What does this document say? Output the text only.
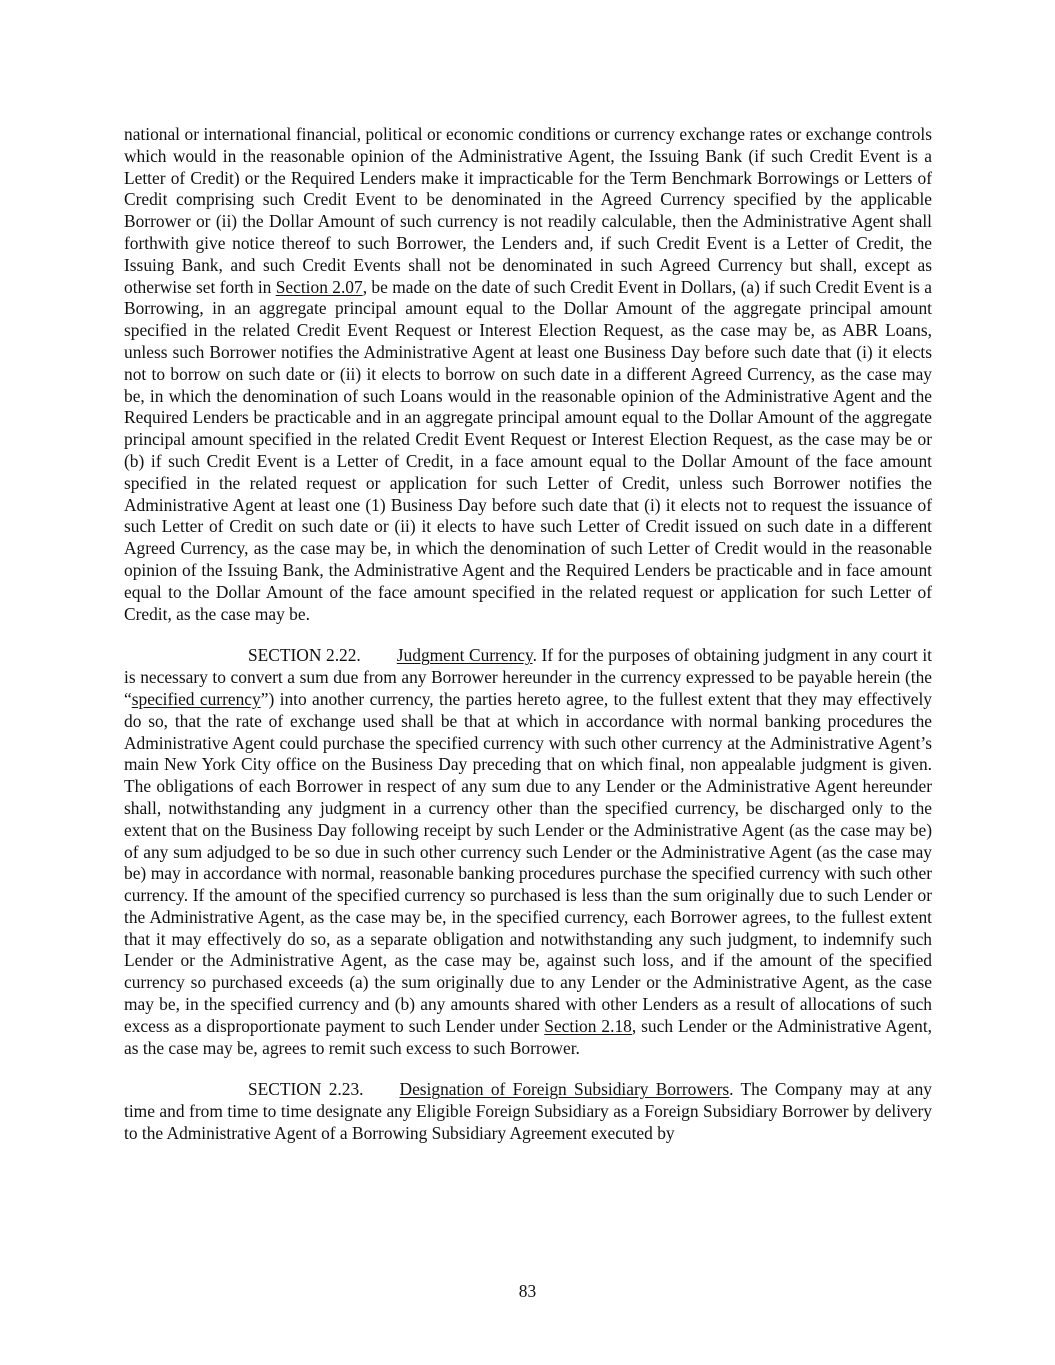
national or international financial, political or economic conditions or currency exchange rates or exchange controls which would in the reasonable opinion of the Administrative Agent, the Issuing Bank (if such Credit Event is a Letter of Credit) or the Required Lenders make it impracticable for the Term Benchmark Borrowings or Letters of Credit comprising such Credit Event to be denominated in the Agreed Currency specified by the applicable Borrower or (ii) the Dollar Amount of such currency is not readily calculable, then the Administrative Agent shall forthwith give notice thereof to such Borrower, the Lenders and, if such Credit Event is a Letter of Credit, the Issuing Bank, and such Credit Events shall not be denominated in such Agreed Currency but shall, except as otherwise set forth in Section 2.07, be made on the date of such Credit Event in Dollars, (a) if such Credit Event is a Borrowing, in an aggregate principal amount equal to the Dollar Amount of the aggregate principal amount specified in the related Credit Event Request or Interest Election Request, as the case may be, as ABR Loans, unless such Borrower notifies the Administrative Agent at least one Business Day before such date that (i) it elects not to borrow on such date or (ii) it elects to borrow on such date in a different Agreed Currency, as the case may be, in which the denomination of such Loans would in the reasonable opinion of the Administrative Agent and the Required Lenders be practicable and in an aggregate principal amount equal to the Dollar Amount of the aggregate principal amount specified in the related Credit Event Request or Interest Election Request, as the case may be or (b) if such Credit Event is a Letter of Credit, in a face amount equal to the Dollar Amount of the face amount specified in the related request or application for such Letter of Credit, unless such Borrower notifies the Administrative Agent at least one (1) Business Day before such date that (i) it elects not to request the issuance of such Letter of Credit on such date or (ii) it elects to have such Letter of Credit issued on such date in a different Agreed Currency, as the case may be, in which the denomination of such Letter of Credit would in the reasonable opinion of the Issuing Bank, the Administrative Agent and the Required Lenders be practicable and in face amount equal to the Dollar Amount of the face amount specified in the related request or application for such Letter of Credit, as the case may be.

SECTION 2.22. Judgment Currency. If for the purposes of obtaining judgment in any court it is necessary to convert a sum due from any Borrower hereunder in the currency expressed to be payable herein (the “specified currency”) into another currency, the parties hereto agree, to the fullest extent that they may effectively do so, that the rate of exchange used shall be that at which in accordance with normal banking procedures the Administrative Agent could purchase the specified currency with such other currency at the Administrative Agent’s main New York City office on the Business Day preceding that on which final, non appealable judgment is given. The obligations of each Borrower in respect of any sum due to any Lender or the Administrative Agent hereunder shall, notwithstanding any judgment in a currency other than the specified currency, be discharged only to the extent that on the Business Day following receipt by such Lender or the Administrative Agent (as the case may be) of any sum adjudged to be so due in such other currency such Lender or the Administrative Agent (as the case may be) may in accordance with normal, reasonable banking procedures purchase the specified currency with such other currency. If the amount of the specified currency so purchased is less than the sum originally due to such Lender or the Administrative Agent, as the case may be, in the specified currency, each Borrower agrees, to the fullest extent that it may effectively do so, as a separate obligation and notwithstanding any such judgment, to indemnify such Lender or the Administrative Agent, as the case may be, against such loss, and if the amount of the specified currency so purchased exceeds (a) the sum originally due to any Lender or the Administrative Agent, as the case may be, in the specified currency and (b) any amounts shared with other Lenders as a result of allocations of such excess as a disproportionate payment to such Lender under Section 2.18, such Lender or the Administrative Agent, as the case may be, agrees to remit such excess to such Borrower.

SECTION 2.23. Designation of Foreign Subsidiary Borrowers. The Company may at any time and from time to time designate any Eligible Foreign Subsidiary as a Foreign Subsidiary Borrower by delivery to the Administrative Agent of a Borrowing Subsidiary Agreement executed by

83
